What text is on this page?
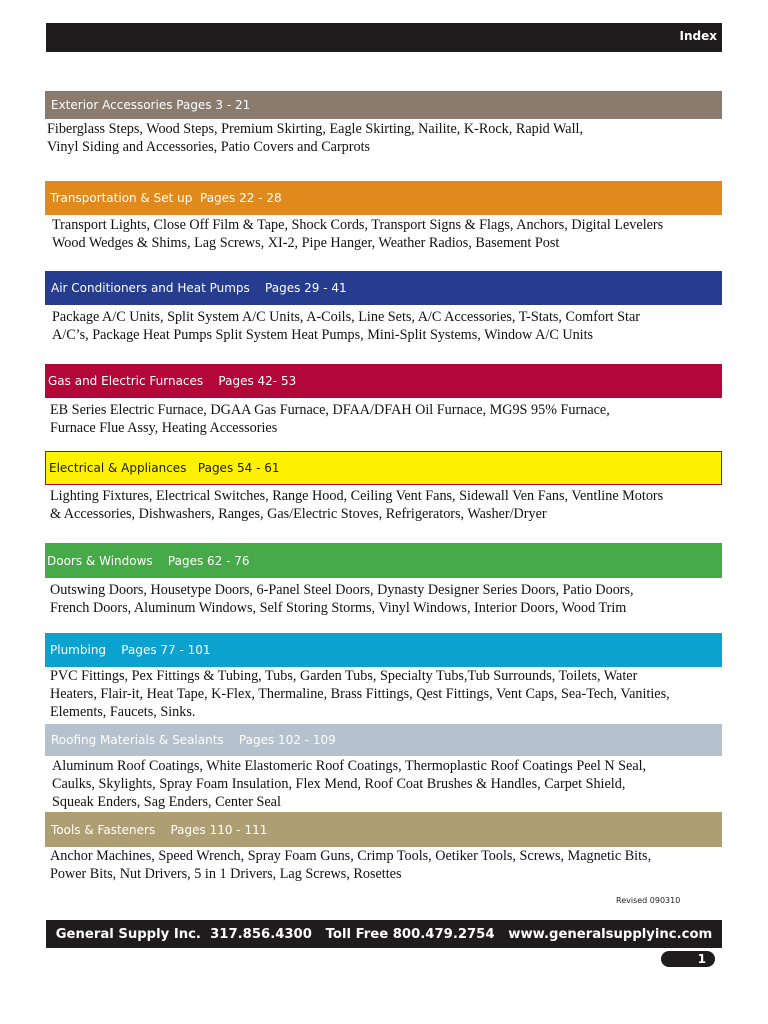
Index
Exterior Accessories Pages 3 - 21
Fiberglass Steps, Wood Steps, Premium Skirting, Eagle Skirting, Nailite, K-Rock, Rapid Wall,
Vinyl Siding and Accessories, Patio Covers and Carprots
Transportation & Set up  Pages 22 - 28
Transport Lights, Close Off Film & Tape, Shock Cords, Transport Signs & Flags, Anchors, Digital Levelers
Wood Wedges & Shims, Lag Screws, XI-2, Pipe Hanger, Weather Radios, Basement Post
Air Conditioners and Heat Pumps    Pages 29 - 41
Package A/C Units, Split System A/C Units, A-Coils, Line Sets, A/C Accessories, T-Stats, Comfort Star
A/C’s, Package Heat Pumps Split System Heat Pumps, Mini-Split Systems, Window A/C Units
Gas and Electric Furnaces    Pages 42- 53
EB Series Electric Furnace, DGAA Gas Furnace, DFAA/DFAH Oil Furnace, MG9S 95% Furnace,
Furnace Flue Assy, Heating Accessories
Electrical & Appliances   Pages 54 - 61
Lighting Fixtures, Electrical Switches, Range Hood, Ceiling Vent Fans, Sidewall Ven Fans, Ventline Motors
& Accessories, Dishwashers, Ranges, Gas/Electric Stoves, Refrigerators, Washer/Dryer
Doors & Windows    Pages 62 - 76
Outswing Doors, Housetype Doors, 6-Panel Steel Doors, Dynasty Designer Series Doors, Patio Doors,
French Doors, Aluminum Windows, Self Storing Storms, Vinyl Windows, Interior Doors, Wood Trim
Plumbing    Pages 77 - 101
PVC Fittings, Pex Fittings & Tubing, Tubs, Garden Tubs, Specialty Tubs,Tub Surrounds, Toilets, Water
Heaters, Flair-it, Heat Tape, K-Flex, Thermaline, Brass Fittings, Qest Fittings, Vent Caps, Sea-Tech, Vanities,
Elements, Faucets, Sinks.
Roofing Materials & Sealants    Pages 102 - 109
Aluminum Roof Coatings, White Elastomeric Roof Coatings, Thermoplastic Roof Coatings Peel N Seal,
Caulks, Skylights, Spray Foam Insulation, Flex Mend, Roof Coat Brushes & Handles, Carpet Shield,
Squeak Enders, Sag Enders, Center Seal
Tools & Fasteners    Pages 110 - 111
Anchor Machines, Speed Wrench, Spray Foam Guns, Crimp Tools, Oetiker Tools, Screws, Magnetic Bits,
Power Bits, Nut Drivers, 5 in 1 Drivers, Lag Screws, Rosettes
Revised 090310
General Supply Inc.  317.856.4300   Toll Free 800.479.2754   www.generalsupplyinc.com
1
